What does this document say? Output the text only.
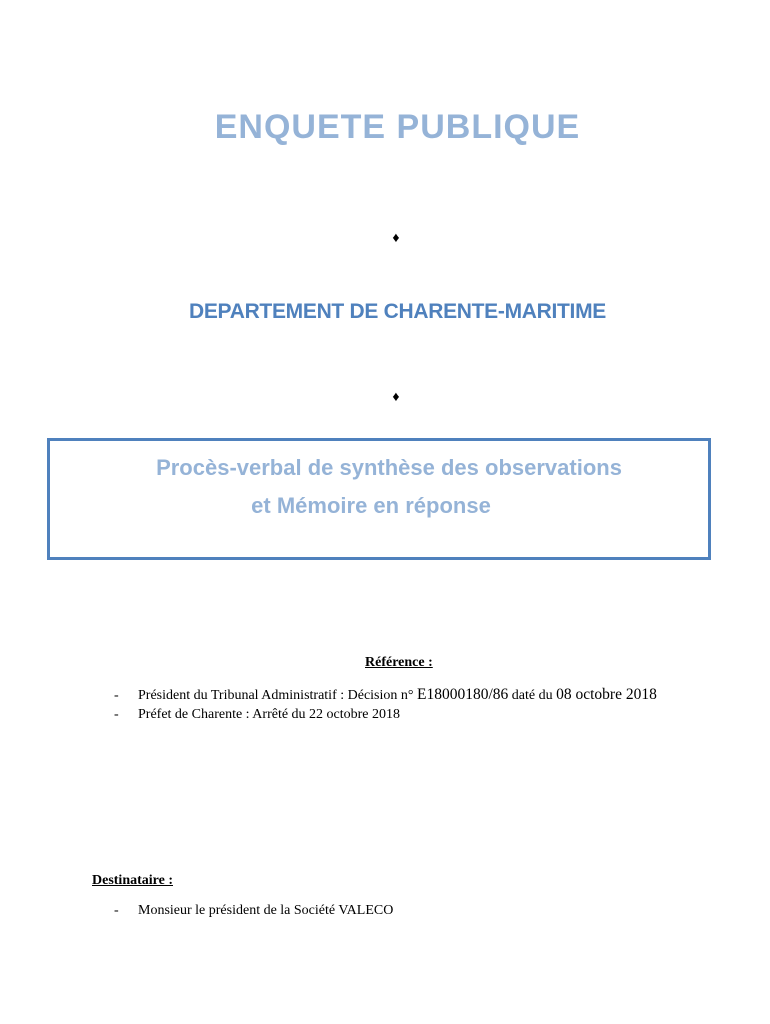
ENQUETE PUBLIQUE
♦
DEPARTEMENT DE CHARENTE-MARITIME
♦
Procès-verbal de synthèse des observations
et Mémoire en réponse
Référence :
- Président du Tribunal Administratif : Décision n° E18000180/86 daté du 08 octobre 2018
- Préfet de Charente : Arrêté du 22 octobre 2018
Destinataire :
- Monsieur le président de la Société VALECO
